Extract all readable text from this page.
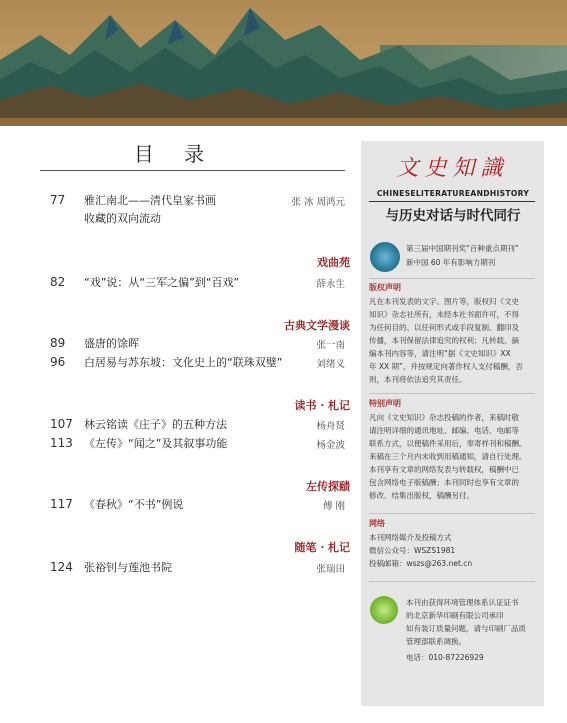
目 录
77 雅汇南北——清代皇家书画
收藏的双向流动
张 冰 周鸿元
戏曲苑
82 “戏”说：从“三军之偏”到“百戏”	薛永生
古典文学漫谈
89 盛唐的馀晖	张一南
96 白居易与苏东坡：文化史上的“联珠双璧”	刘绪义
读书 · 札记
107 林云铭读《庄子》的五种方法	杨舟贤
113 《左传》“闻之”及其叙事功能	杨金波
左传探赜
117 《春秋》“不书”例说	傅 刚
随笔 · 札记
124 张裕钊与莲池书院	张瑞田
文史知識
CHINESELITERATUREANDHISTORY
与历史对话与时代同行
第三届中国期刊奖“百种重点期刊”
新中国 60 年有影响力期刊
版权声明
凡在本刊发表的文字、图片等，版权归《文史
知识》杂志社所有，未经本社书面许可，不得
为任何目的、以任何形式或手段复制、翻印及
传播，本刊保留法律追究的权利；凡转载、摘
编本刊内容等，请注明“据《文史知识》XX
年 XX 期”，并按规定向著作权人支付稿酬，否
则，本刊将依法追究其责任。
特别声明
凡向《文史知识》杂志投稿的作者，来稿时敬
请注明详细的通讯地址、邮编、电话、电邮等
联系方式，以便稿件采用后，奉寄样刊和稿酬。
来稿在三个月内未收到用稿通知，请自行处理。
本刊享有文章的网络发表与转载权，稿酬中已
包含网络电子版稿酬；本刊同时也享有文章的
修改、结集出版权，稿酬另付。
网络
本刊网络媒介及投稿方式
微信公众号：WSZS1981
投稿邮箱：wszs@263.net.cn
本刊由获得环境管理体系认证证书
的北京新华印刷有限公司承印
如有装订质量问题，请与印刷厂品质
管理部联系调换。
电话：010-87226929
